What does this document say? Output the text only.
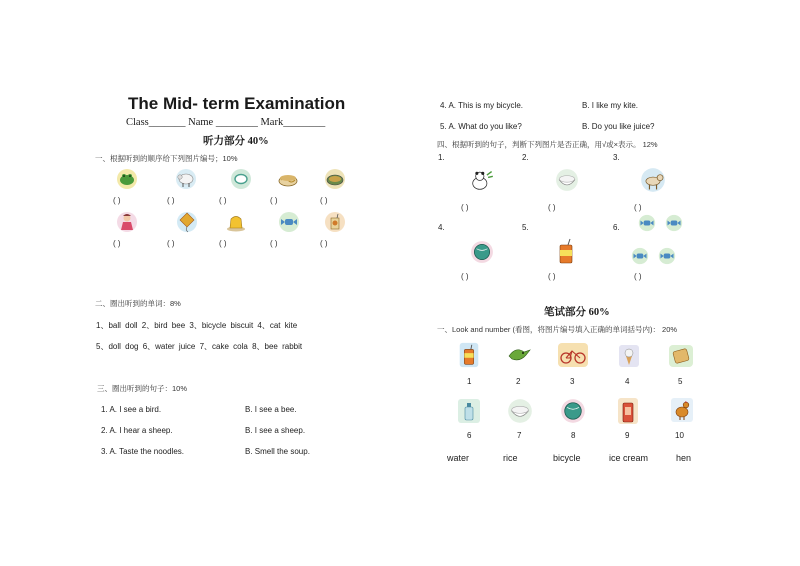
The Mid- term Examination
Class_______ Name ________ Mark________
听力部分 40%
一、根据听到的顺序给下列图片编号；10%
( )	( )	( )	( )	( )
( )	( )	( )	( )	( )
二、圈出听到的单词：8%
1、ball doll 2、bird bee 3、bicycle biscuit 4、cat kite
5、doll dog 6、water juice 7、cake cola 8、bee rabbit
三、圈出听到的句子：10%
1. A. I see a bird.	B. I see a bee.
2. A. I hear a sheep.	B. I see a sheep.
3. A. Taste the noodles.	B. Smell the soup.
4. A. This is my bicycle.	B. I like my kite.
5. A. What do you like?	B. Do you like juice?
四、根据听到的句子，判断下列图片是否正确，用√或×表示。 12%
1.	2.	3.
( )	( )	( )
4.	5.	6.
( )	( )	( )
笔试部分 60%
一、Look and number (看图，将图片编号填入正确的单词括号内)： 20%
1	2	3	4	5
6	7	8	9	10
water	rice	bicycle	ice cream	hen
